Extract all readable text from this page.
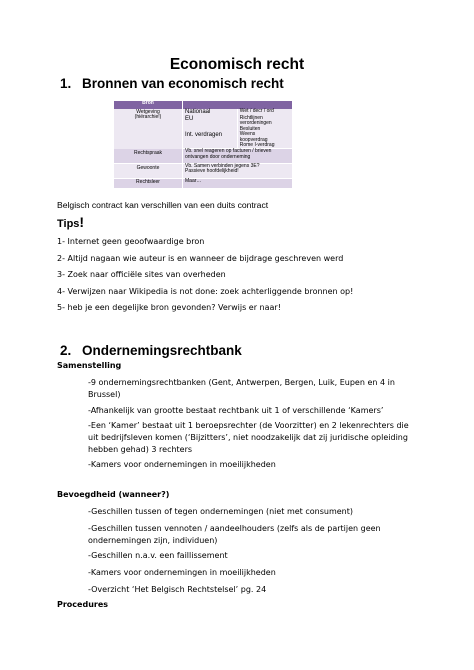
Economisch recht
1. Bronnen van economisch recht
Bron		
Wetgeving
(hiërarchie!)	Nationaal	Wet / decr / ord
	EU	Richtlijnen
verordeningen
Besluiten
	Int. verdragen	Weens
koopverdrag
Rome I-verdrag
Rechtspraak	Vb. snel reageren op facturen / brieven ontvangen door onderneming	
Gewoonte	Vb. Samen verbinden jegens 3E?
Passieve hoofdelijkheid!	
Rechtsleer	Maar…	
Belgisch contract kan verschillen van een duits contract
Tips!
1- Internet geen geoofwaardige bron
2- Altijd nagaan wie auteur is en wanneer de bijdrage geschreven werd
3- Zoek naar officiële sites van overheden
4- Verwijzen naar Wikipedia is not done: zoek achterliggende bronnen op!
5- heb je een degelijke bron gevonden? Verwijs er naar!
2. Ondernemingsrechtbank
Samenstelling
-9 ondernemingsrechtbanken (Gent, Antwerpen, Bergen, Luik, Eupen en 4 in Brussel)
-Afhankelijk van grootte bestaat rechtbank uit 1 of verschillende ‘Kamers’
-Een ‘Kamer’ bestaat uit 1 beroepsrechter (de Voorzitter) en 2 lekenrechters die uit bedrijfsleven komen (‘Bijzitters’, niet noodzakelijk dat zij juridische opleiding hebben gehad) 3 rechters
-Kamers voor ondernemingen in moeilijkheden
Bevoegdheid (wanneer?)
-Geschillen tussen of tegen ondernemingen (niet met consument)
-Geschillen tussen vennoten / aandeelhouders (zelfs als de partijen geen ondernemingen zijn, individuen)
-Geschillen n.a.v. een faillissement
-Kamers voor ondernemingen in moeilijkheden
-Overzicht ‘Het Belgisch Rechtstelsel’ pg. 24
Procedures
